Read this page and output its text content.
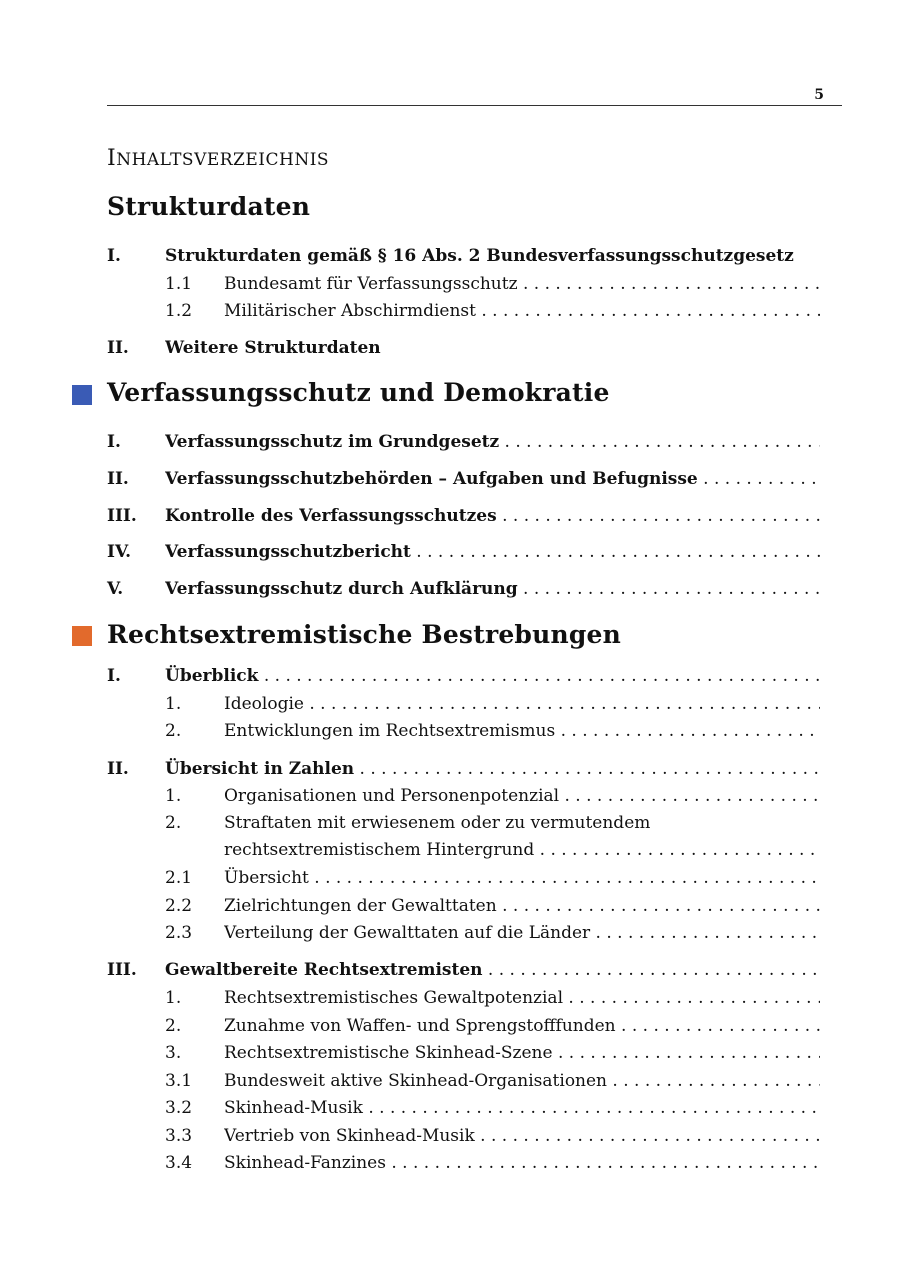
5
INHALTSVERZEICHNIS
Strukturdaten
I.	Strukturdaten gemäß § 16 Abs. 2 Bundesverfassungsschutzgesetz
1.1 Bundesamt für Verfassungsschutz . . .
1.2 Militärischer Abschirmdienst . . .
II. Weitere Strukturdaten
Verfassungsschutz und Demokratie
I.	Verfassungsschutz im Grundgesetz . . .
II. Verfassungsschutzbehörden – Aufgaben und Befugnisse . . .
III. Kontrolle des Verfassungsschutzes . . .
IV. Verfassungsschutzbericht . . .
V. Verfassungsschutz durch Aufklärung . . .
Rechtsextremistische Bestrebungen
I.	Überblick . . .
1.	Ideologie . . .
2.	Entwicklungen im Rechtsextremismus . . .
II. Übersicht in Zahlen . . .
1.	Organisationen und Personenpotenzial . . .
2.	Straftaten mit erwiesenem oder zu vermutendem
rechtsextremistischem Hintergrund . . .
2.1 Übersicht . . .
2.2 Zielrichtungen der Gewalttaten . . .
2.3 Verteilung der Gewalttaten auf die Länder . . .
III. Gewaltbereite Rechtsextremisten . . .
1.	Rechtsextremistisches Gewaltpotenzial . . .
2.	Zunahme von Waffen- und Sprengstofffunden . . .
3.	Rechtsextremistische Skinhead-Szene . . .
3.1 Bundesweit aktive Skinhead-Organisationen . . .
3.2 Skinhead-Musik . . .
3.3 Vertrieb von Skinhead-Musik . . .
3.4 Skinhead-Fanzines . . .
